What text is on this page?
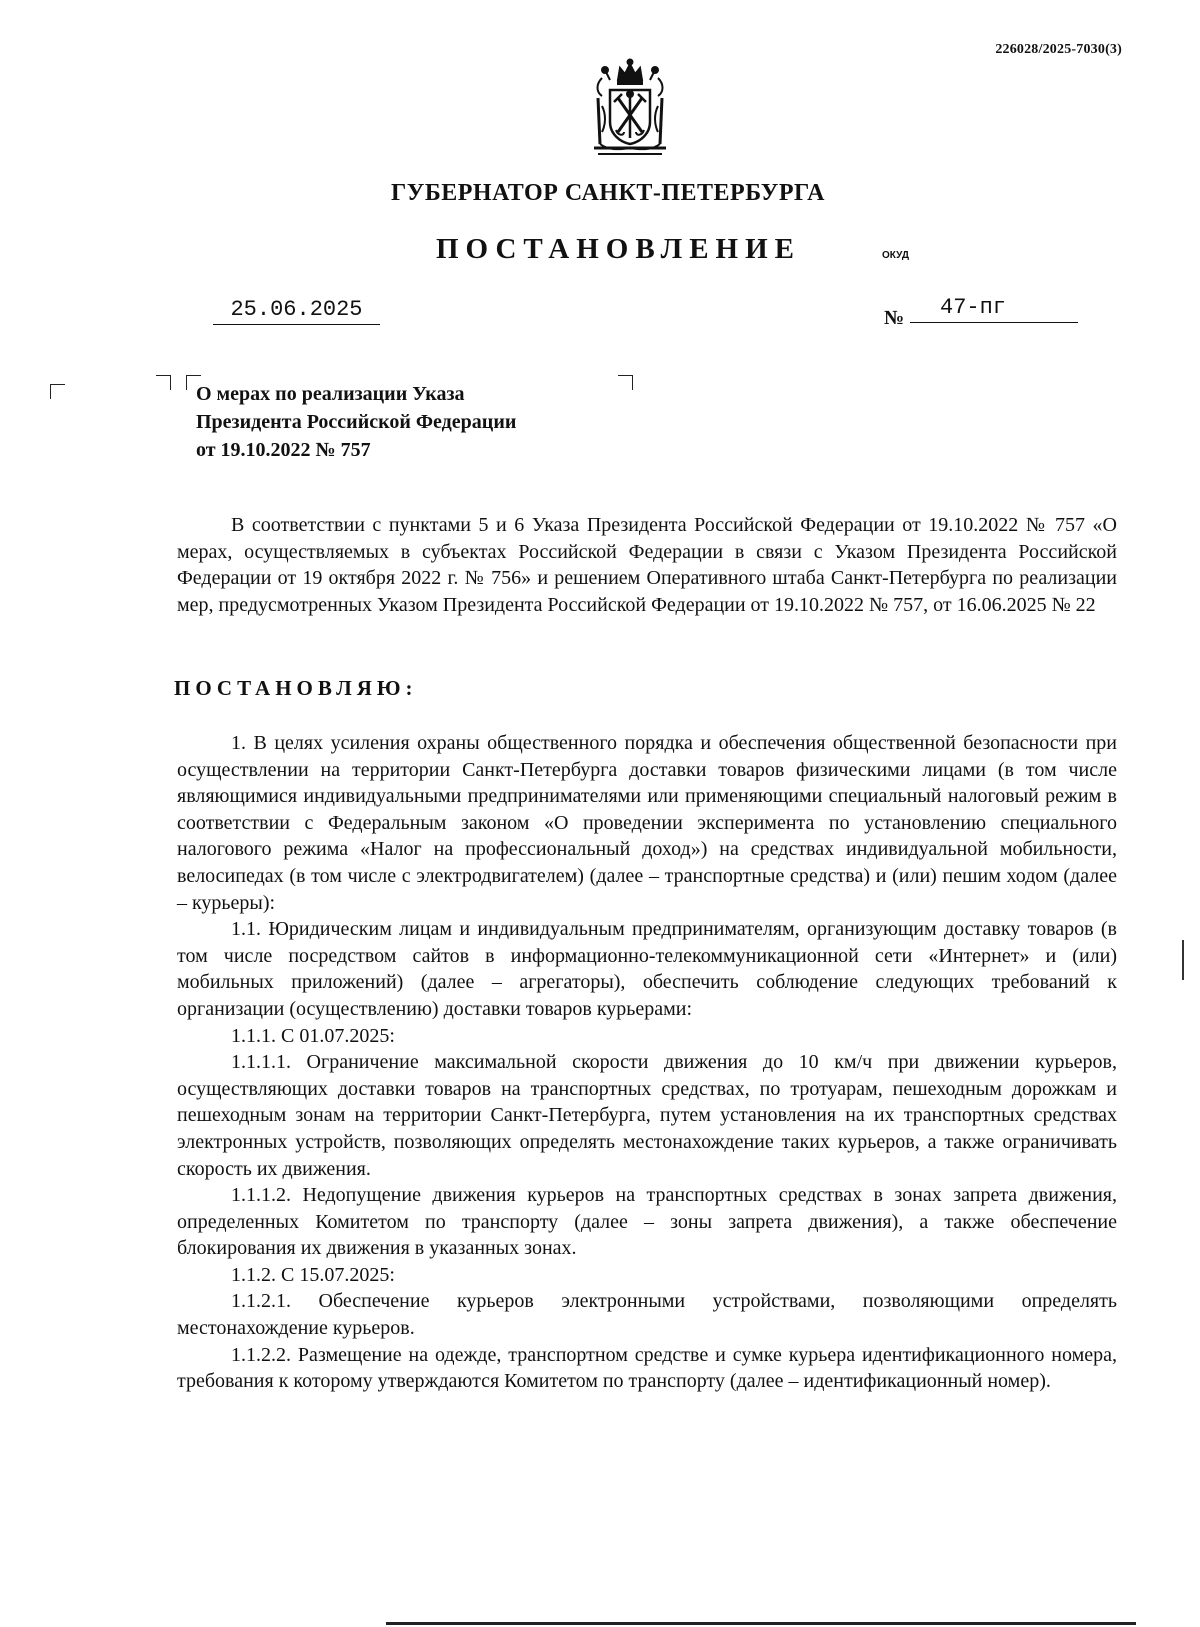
226028/2025-7030(3)
ГУБЕРНАТОР САНКТ-ПЕТЕРБУРГА
ПОСТАНОВЛЕНИЕ	ОКУД
25.06.2025	№	47-пг
О мерах по реализации Указа
Президента Российской Федерации
от 19.10.2022 № 757

В соответствии с пунктами 5 и 6 Указа Президента Российской Федерации от 19.10.2022 № 757 «О мерах, осуществляемых в субъектах Российской Федерации в связи с Указом Президента Российской Федерации от 19 октября 2022 г. № 756» и решением Оперативного штаба Санкт-Петербурга по реализации мер, предусмотренных Указом Президента Российской Федерации от 19.10.2022 № 757, от 16.06.2025 № 22

ПОСТАНОВЛЯЮ:

1. В целях усиления охраны общественного порядка и обеспечения общественной безопасности при осуществлении на территории Санкт-Петербурга доставки товаров физическими лицами (в том числе являющимися индивидуальными предпринимателями или применяющими специальный налоговый режим в соответствии с Федеральным законом «О проведении эксперимента по установлению специального налогового режима «Налог на профессиональный доход») на средствах индивидуальной мобильности, велосипедах (в том числе с электродвигателем) (далее – транспортные средства) и (или) пешим ходом (далее – курьеры):

1.1. Юридическим лицам и индивидуальным предпринимателям, организующим доставку товаров (в том числе посредством сайтов в информационно-телекоммуникационной сети «Интернет» и (или) мобильных приложений) (далее – агрегаторы), обеспечить соблюдение следующих требований к организации (осуществлению) доставки товаров курьерами:

1.1.1. С 01.07.2025:

1.1.1.1. Ограничение максимальной скорости движения до 10 км/ч при движении курьеров, осуществляющих доставки товаров на транспортных средствах, по тротуарам, пешеходным дорожкам и пешеходным зонам на территории Санкт-Петербурга, путем установления на их транспортных средствах электронных устройств, позволяющих определять местонахождение таких курьеров, а также ограничивать скорость их движения.

1.1.1.2. Недопущение движения курьеров на транспортных средствах в зонах запрета движения, определенных Комитетом по транспорту (далее – зоны запрета движения), а также обеспечение блокирования их движения в указанных зонах.

1.1.2. С 15.07.2025:

1.1.2.1. Обеспечение курьеров электронными устройствами, позволяющими определять местонахождение курьеров.

1.1.2.2. Размещение на одежде, транспортном средстве и сумке курьера идентификационного номера, требования к которому утверждаются Комитетом по транспорту (далее – идентификационный номер).
